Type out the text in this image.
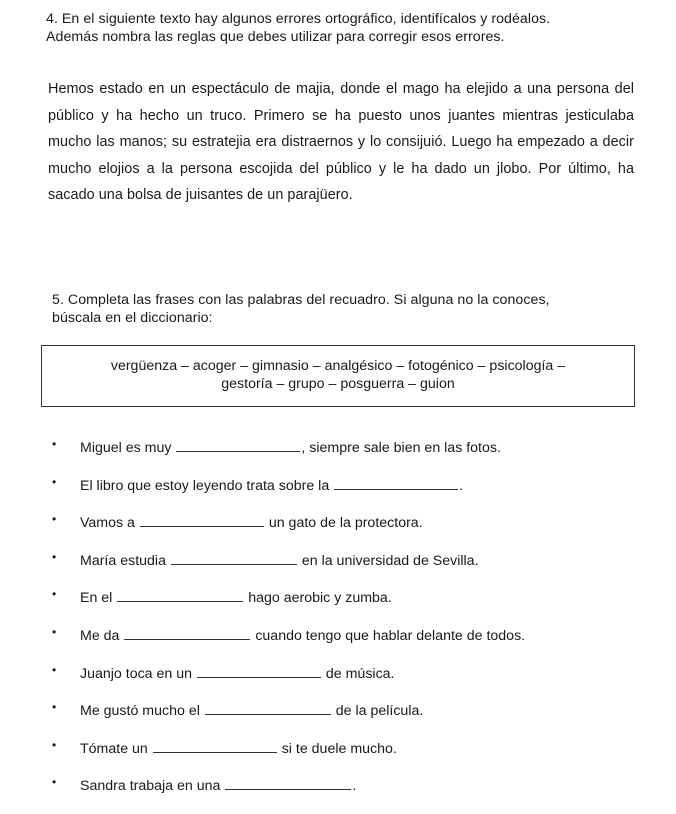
4. En el siguiente texto hay algunos errores ortográfico, identifícalos y rodéalos.
Además nombra las reglas que debes utilizar para corregir esos errores.

Hemos estado en un espectáculo de majia, donde el mago ha elejido a una persona del público y ha hecho un truco. Primero se ha puesto unos juantes mientras jesticulaba mucho las manos; su estratejia era distraernos y lo consijuió. Luego ha empezado a decir mucho elojios a la persona escojida del público y le ha dado un jlobo. Por último, ha sacado una bolsa de juisantes de un parajüero.

5. Completa las frases con las palabras del recuadro. Si alguna no la conoces,
búscala en el diccionario:
vergüenza – acoger – gimnasio – analgésico – fotogénico – psicología –
gestoría – grupo – posguerra – guion
• Miguel es muy	, siempre sale bien en las fotos.
• El libro que estoy leyendo trata sobre la	.
• Vamos a	un gato de la protectora.
• María estudia	en la universidad de Sevilla.
• En el	hago aerobic y zumba.
• Me da	cuando tengo que hablar delante de todos.
• Juanjo toca en un	de música.
• Me gustó mucho el	de la película.
• Tómate un	si te duele mucho.
• Sandra trabaja en una	.
